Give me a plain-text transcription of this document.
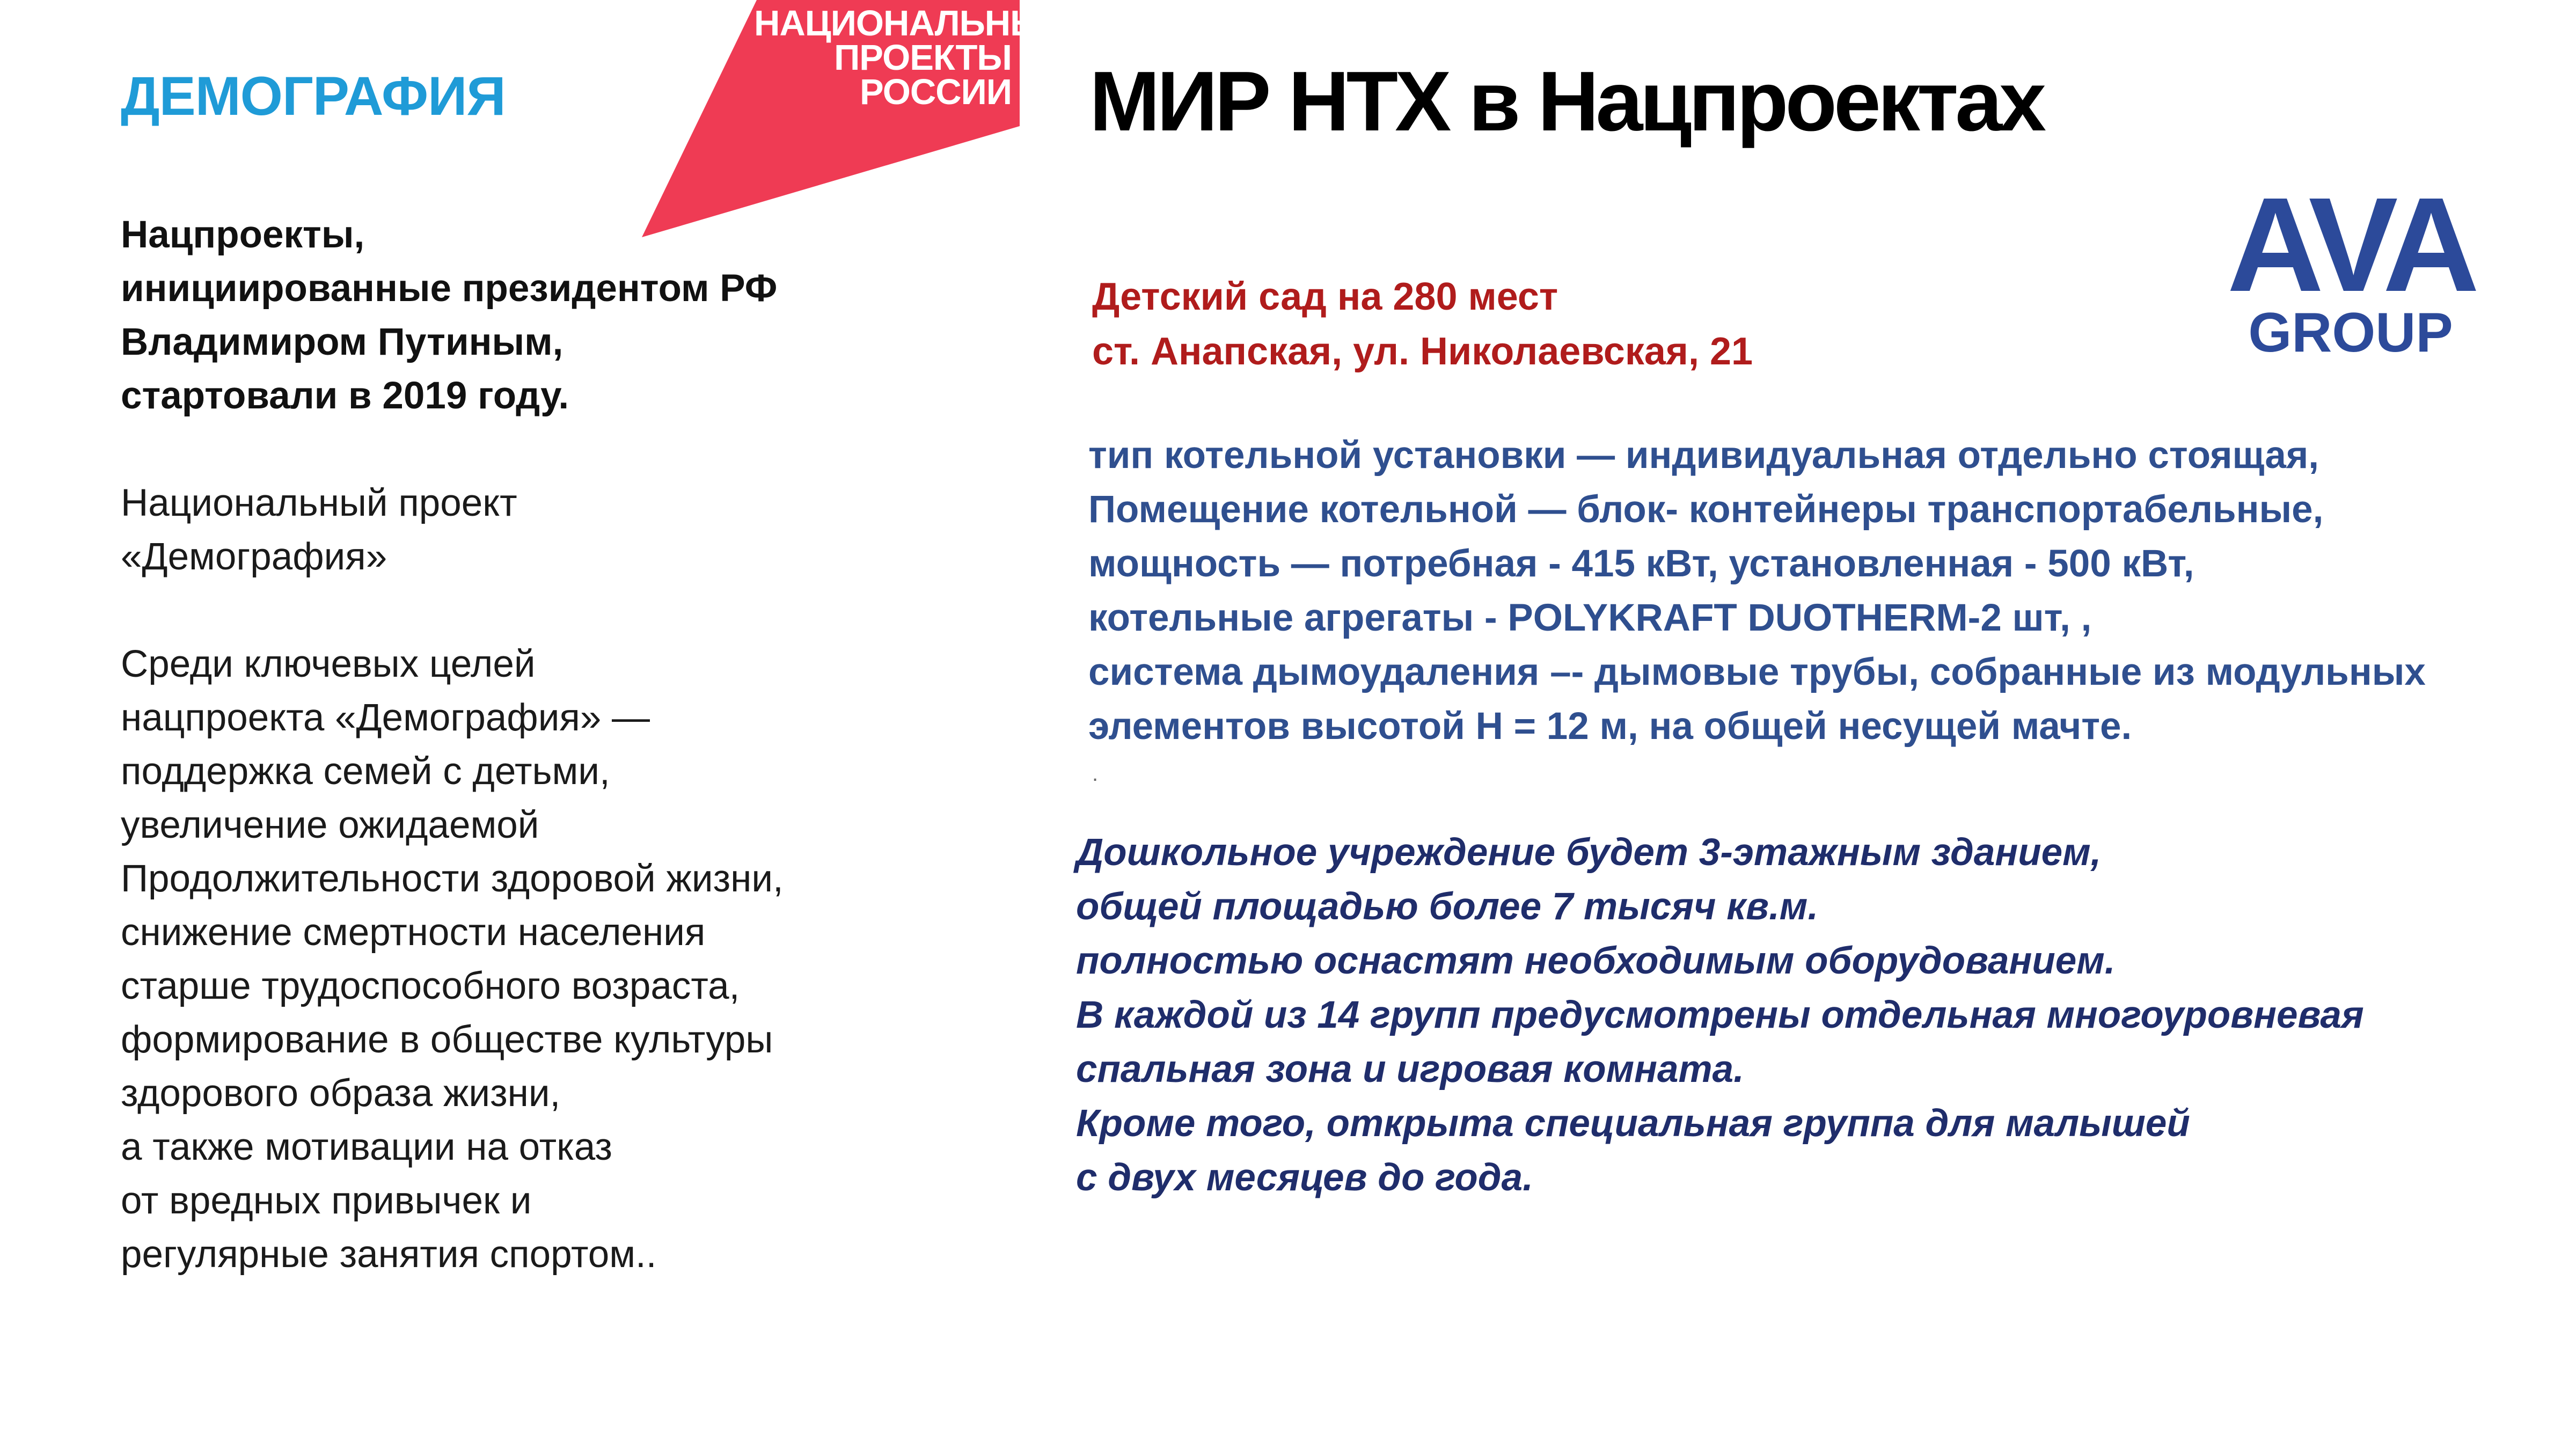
ДЕМОГРАФИЯ
Нацпроекты,
инициированные президентом РФ
Владимиром Путиным,
стартовали в 2019 году.
Национальный проект
«Демография»
Среди ключевых целей
нацпроекта «Демография» —
поддержка семей с детьми,
увеличение ожидаемой
Продолжительности здоровой жизни,
снижение смертности населения
старше трудоспособного возраста,
формирование в обществе культуры
здорового образа жизни,
а также мотивации на отказ
от вредных привычек и
регулярные занятия спортом..
НАЦИОНАЛЬНЫЕ
ПРОЕКТЫ
РОССИИ МИР НТХ в Нацпроектах
AVA
GROUP
Детский сад на 280 мест
ст. Анапская, ул. Николаевская, 21
тип котельной установки — индивидуальная отдельно стоящая,
Помещение котельной — блок- контейнеры транспортабельные,
мощность — потребная - 415 кВт, установленная - 500 кВт,
котельные агрегаты - POLYKRAFT DUOTHERM-2 шт, ,
система дымоудаления –- дымовые трубы, собранные из модульных
элементов высотой Н = 12 м, на общей несущей мачте.
.
Дошкольное учреждение будет 3-этажным зданием,
общей площадью более 7 тысяч кв.м.
полностью оснастят необходимым оборудованием.
В каждой из 14 групп предусмотрены отдельная многоуровневая
спальная зона и игровая комната.
Кроме того, открыта специальная группа для малышей
с двух месяцев до года.
